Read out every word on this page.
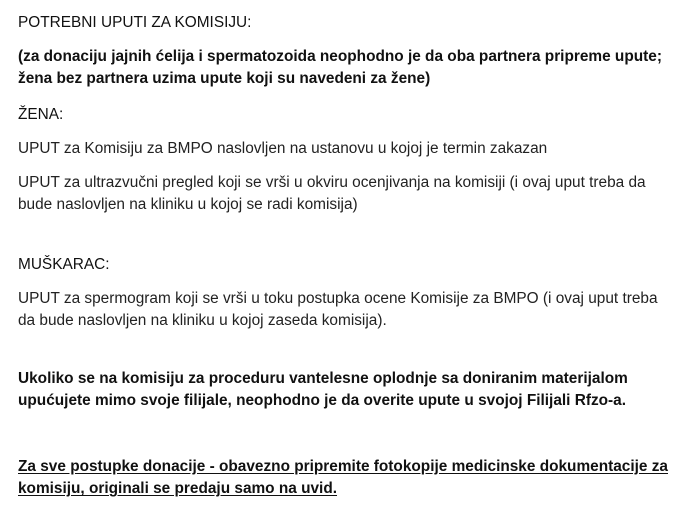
POTREBNI UPUTI ZA KOMISIJU:

(za donaciju jajnih ćelija i spermatozoida neophodno je da oba partnera pripreme upute; žena bez partnera uzima upute koji su navedeni za žene)

ŽENA:

UPUT za Komisiju za BMPO naslovljen na ustanovu u kojoj je termin zakazan

UPUT za ultrazvučni pregled koji se vrši u okviru ocenjivanja na komisiji (i ovaj uput treba da bude naslovljen na kliniku u kojoj se radi komisija)

MUŠKARAC:

UPUT za spermogram koji se vrši u toku postupka ocene Komisije za BMPO (i ovaj uput treba da bude naslovljen na kliniku u kojoj zaseda komisija).

Ukoliko se na komisiju za proceduru vantelesne oplodnje sa doniranim materijalom upućujete mimo svoje filijale, neophodno je da overite upute u svojoj Filijali Rfzo-a.

Za sve postupke donacije - obavezno pripremite fotokopije medicinske dokumentacije za komisiju, originali se predaju samo na uvid.
